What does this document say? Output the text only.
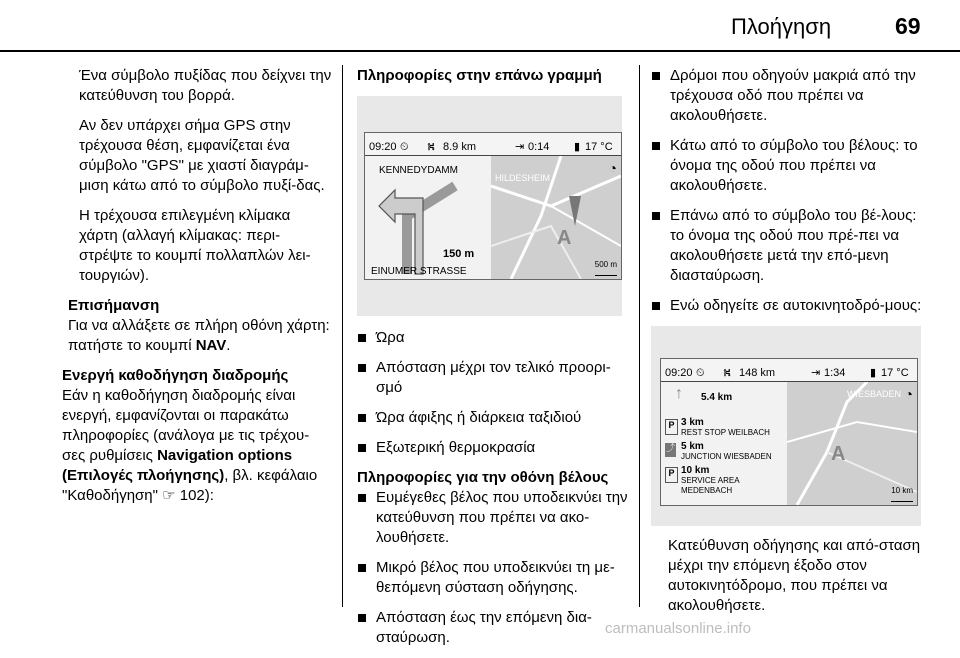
Πλοήγηση	69

Ένα σύμβολο πυξίδας που δείχνει την κατεύθυνση του βορρά.

Αν δεν υπάρχει σήμα GPS στην τρέχουσα θέση, εμφανίζεται ένα σύμβολο "GPS" με χιαστί διαγράμ-μιση κάτω από το σύμβολο πυξί-δας.

Η τρέχουσα επιλεγμένη κλίμακα χάρτη (αλλαγή κλίμακας: περι-στρέψτε το κουμπί πολλαπλών λει-τουργιών).

Επισήμανση
Για να αλλάξετε σε πλήρη οθόνη χάρτη: πατήστε το κουμπί NAV.
Ενεργή καθοδήγηση διαδρομής

Εάν η καθοδήγηση διαδρομής είναι ενεργή, εμφανίζονται οι παρακάτω πληροφορίες (ανάλογα με τις τρέχου-σες ρυθμίσεις Navigation options (Επιλογές πλοήγησης), βλ. κεφάλαιο "Καθοδήγηση" ☞ 102):

Πληροφορίες στην επάνω γραμμή
09:20 ⏲ ⛕ 8.9 km	⇥ 0:14 ▮ 17 °C
KENNEDYDAMM
150 m
EINUMER STRASSE
HILDESHEIM
A
◔
500 m
Ώρα
Απόσταση μέχρι τον τελικό προορι-σμό
Ώρα άφιξης ή διάρκεια ταξιδιού
Εξωτερική θερμοκρασία
Πληροφορίες για την οθόνη βέλους
Ευμέγεθες βέλος που υποδεικνύει την κατεύθυνση που πρέπει να ακο-λουθήσετε.
Μικρό βέλος που υποδεικνύει τη με-θεπόμενη σύσταση οδήγησης.
Απόσταση έως την επόμενη δια-σταύρωση.
Δρόμοι που οδηγούν μακριά από την τρέχουσα οδό που πρέπει να ακολουθήσετε.
Κάτω από το σύμβολο του βέλους: το όνομα της οδού που πρέπει να ακολουθήσετε.
Επάνω από το σύμβολο του βέ-λους: το όνομα της οδού που πρέ-πει να ακολουθήσετε μετά την επό-μενη διασταύρωση.
Ενώ οδηγείτε σε αυτοκινητοδρό-μους:
09:20 ⏲ ⛕ 148 km	⇥ 1:34 ▮ 17 °C
5.4 km
↑
P 3 km
REST STOP WEILBACH
⤴ 5 km
JUNCTION WIESBADEN
P 10 km
SERVICE AREA MEDENBACH
WIESBADEN
A
◔
10 km

Κατεύθυνση οδήγησης και από-σταση μέχρι την επόμενη έξοδο στον αυτοκινητόδρομο, που πρέπει να ακολουθήσετε.

carmanualsonline.info
